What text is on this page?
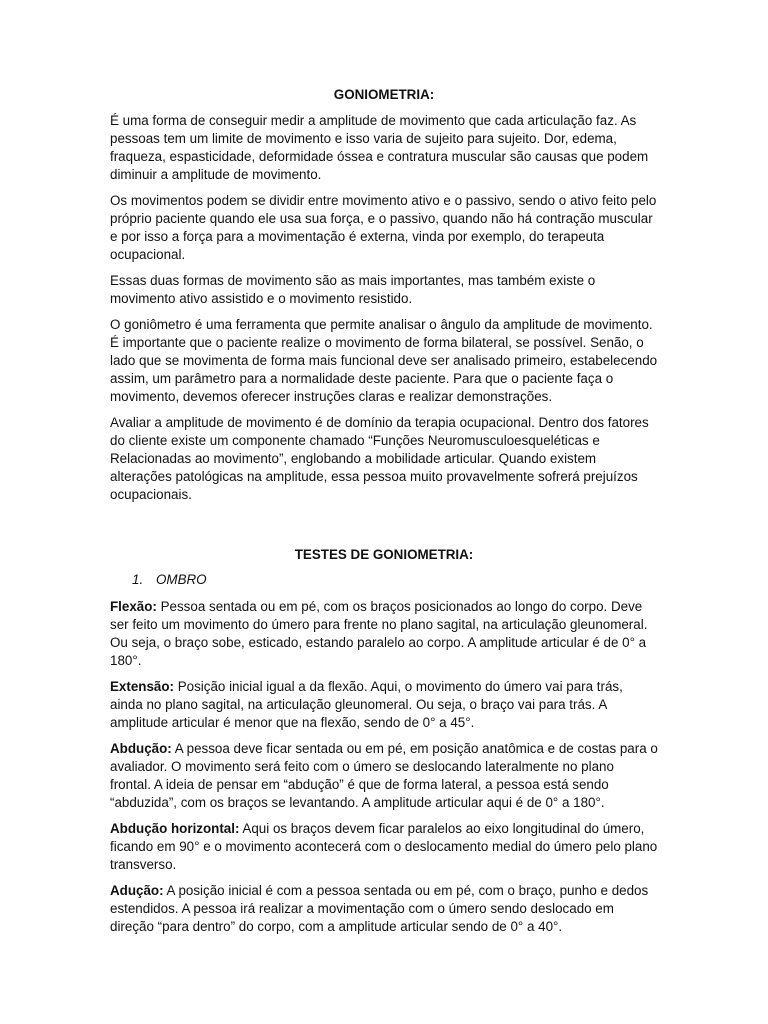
GONIOMETRIA:

É uma forma de conseguir medir a amplitude de movimento que cada articulação faz. As pessoas tem um limite de movimento e isso varia de sujeito para sujeito. Dor, edema, fraqueza, espasticidade, deformidade óssea e contratura muscular são causas que podem diminuir a amplitude de movimento.

Os movimentos podem se dividir entre movimento ativo e o passivo, sendo o ativo feito pelo próprio paciente quando ele usa sua força, e o passivo, quando não há contração muscular e por isso a força para a movimentação é externa, vinda por exemplo, do terapeuta ocupacional.

Essas duas formas de movimento são as mais importantes, mas também existe o movimento ativo assistido e o movimento resistido.

O goniômetro é uma ferramenta que permite analisar o ângulo da amplitude de movimento. É importante que o paciente realize o movimento de forma bilateral, se possível. Senão, o lado que se movimenta de forma mais funcional deve ser analisado primeiro, estabelecendo assim, um parâmetro para a normalidade deste paciente. Para que o paciente faça o movimento, devemos oferecer instruções claras e realizar demonstrações.

Avaliar a amplitude de movimento é de domínio da terapia ocupacional. Dentro dos fatores do cliente existe um componente chamado “Funções Neuromusculoesqueléticas e Relacionadas ao movimento”, englobando a mobilidade articular. Quando existem alterações patológicas na amplitude, essa pessoa muito provavelmente sofrerá prejuízos ocupacionais.

TESTES DE GONIOMETRIA:
1. OMBRO

Flexão: Pessoa sentada ou em pé, com os braços posicionados ao longo do corpo. Deve ser feito um movimento do úmero para frente no plano sagital, na articulação gleunomeral. Ou seja, o braço sobe, esticado, estando paralelo ao corpo. A amplitude articular é de 0° a 180°.

Extensão: Posição inicial igual a da flexão. Aqui, o movimento do úmero vai para trás, ainda no plano sagital, na articulação gleunomeral. Ou seja, o braço vai para trás. A amplitude articular é menor que na flexão, sendo de 0° a 45°.

Abdução: A pessoa deve ficar sentada ou em pé, em posição anatômica e de costas para o avaliador. O movimento será feito com o úmero se deslocando lateralmente no plano frontal. A ideia de pensar em “abdução” é que de forma lateral, a pessoa está sendo “abduzida”, com os braços se levantando. A amplitude articular aqui é de 0° a 180°.

Abdução horizontal: Aqui os braços devem ficar paralelos ao eixo longitudinal do úmero, ficando em 90° e o movimento acontecerá com o deslocamento medial do úmero pelo plano transverso.

Adução: A posição inicial é com a pessoa sentada ou em pé, com o braço, punho e dedos estendidos. A pessoa irá realizar a movimentação com o úmero sendo deslocado em direção “para dentro” do corpo, com a amplitude articular sendo de 0° a 40°.
